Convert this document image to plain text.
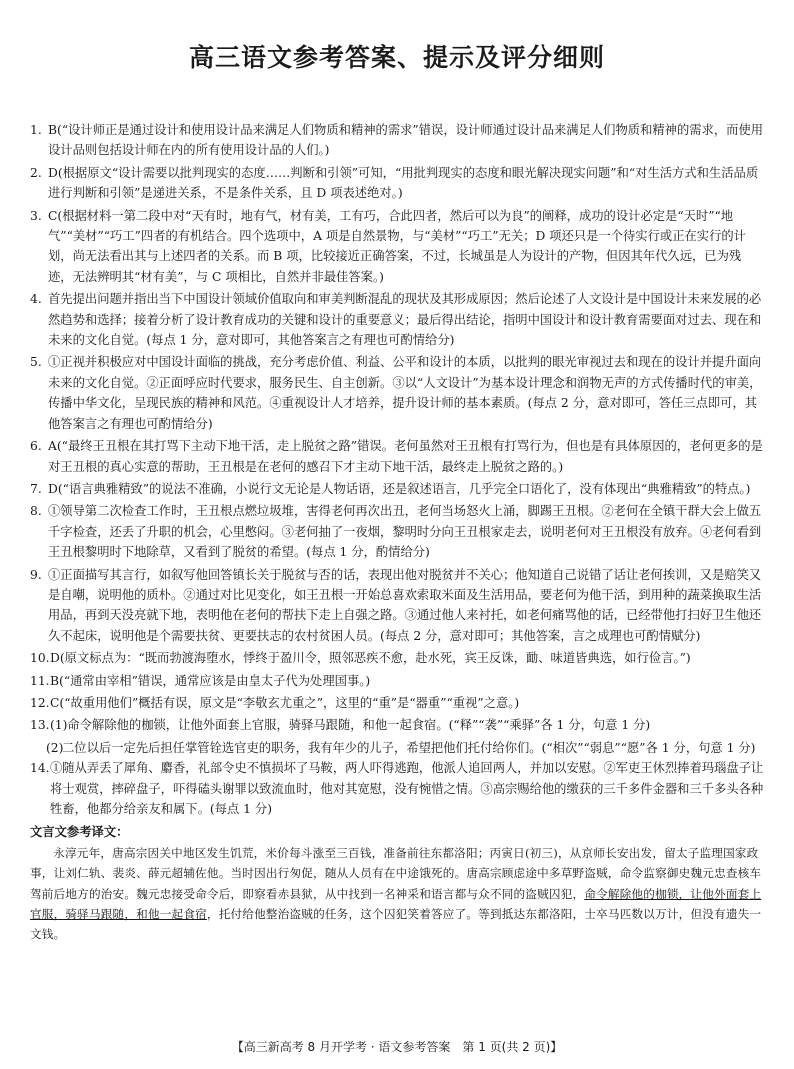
高三语文参考答案、提示及评分细则
1. B(“设计师正是通过设计和使用设计品来满足人们物质和精神的需求”错误，设计师通过设计品来满足人们物质和精神的需求，而使用设计品则包括设计师在内的所有使用设计品的人们。)
2. D(根据原文“设计需要以批判现实的态度……判断和引领”可知，“用批判现实的态度和眼光解决现实问题”和“对生活方式和生活品质进行判断和引领”是递进关系，不是条件关系，且 D 项表述绝对。)
3. C(根据材料一第二段中对“天有时，地有气，材有美，工有巧，合此四者，然后可以为良”的阐释，成功的设计必定是“天时”“地气”“美材”“巧工”四者的有机结合。四个选项中，A 项是自然景物，与“美材”“巧工”无关；D 项还只是一个待实行或正在实行的计划，尚无法看出其与上述四者的关系。而 B 项，比较接近正确答案，不过，长城虽是人为设计的产物，但因其年代久远，已为残迹，无法辨明其“材有美”，与 C 项相比，自然并非最佳答案。)
4. 首先提出问题并指出当下中国设计领域价值取向和审美判断混乱的现状及其形成原因；然后论述了人文设计是中国设计未来发展的必然趋势和选择；接着分析了设计教育成功的关键和设计的重要意义；最后得出结论，指明中国设计和设计教育需要面对过去、现在和未来的文化自觉。(每点 1 分，意对即可，其他答案言之有理也可酌情给分)
5. ①正视并积极应对中国设计面临的挑战，充分考虑价值、利益、公平和设计的本质，以批判的眼光审视过去和现在的设计并提升面向未来的文化自觉。②正面呼应时代要求，服务民生、自主创新。③以“人文设计”为基本设计理念和润物无声的方式传播时代的审美，传播中华文化，呈现民族的精神和风范。④重视设计人才培养，提升设计师的基本素质。(每点 2 分，意对即可，答任三点即可，其他答案言之有理也可酌情给分)
6. A(“最终王丑根在其打骂下主动下地干活，走上脱贫之路”错误。老何虽然对王丑根有打骂行为，但也是有具体原因的，老何更多的是对王丑根的真心实意的帮助，王丑根是在老何的感召下才主动下地干活，最终走上脱贫之路的。)
7. D(“语言典雅精致”的说法不准确，小说行文无论是人物话语，还是叙述语言，几乎完全口语化了，没有体现出“典雅精致”的特点。)
8. ①领导第二次检查工作时，王丑根点燃垃圾堆，害得老何再次出丑，老何当场怒火上涌，脚踢王丑根。②老何在全镇干群大会上做五千字检查，还丢了升职的机会，心里憋闷。③老何抽了一夜烟，黎明时分向王丑根家走去，说明老何对王丑根没有放弃。④老何看到王丑根黎明时下地除草，又看到了脱贫的希望。(每点 1 分，酌情给分)
9. ①正面描写其言行，如叙写他回答镇长关于脱贫与否的话，表现出他对脱贫并不关心；他知道自己说错了话让老何挨训，又是赔笑又是自嘲，说明他的质朴。②通过对比见变化，如王丑根一开始总喜欢索取米面及生活用品，要老何为他干活，到用种的蔬菜换取生活用品，再到天没亮就下地，表明他在老何的帮扶下走上自强之路。③通过他人来衬托，如老何痛骂他的话，已经带他打扫好卫生他还久不起床，说明他是个需要扶贫、更要扶志的农村贫困人员。(每点 2 分，意对即可；其他答案，言之成理也可酌情赋分)
10. D(原文标点为：“既而勃渡海堕水，悸终于盈川令，照邻恶疾不愈，赴水死，宾王反诛，勔、味道皆典选，如行俭言。”)
11. B(“通常由宰相”错误，通常应该是由皇太子代为处理国事。)
12. C(“故重用他们”概括有误，原文是“李敬玄尤重之”，这里的“重”是“器重”“重视”之意。)
13. (1)命令解除他的枷锁，让他外面套上官服，骑驿马跟随，和他一起食宿。(“释”“袭”“乘驿”各 1 分，句意 1 分)
(2)
二位以后一定先后担任掌管铨选官吏的职务，我有年少的儿子，希望把他们托付给你们。(“相次”“弱息”“愿”各 1 分，句意 1 分)
14. ①随从弄丢了犀角、麝香，礼部令史不慎损坏了马鞍，两人吓得逃跑，他派人追回两人，并加以安慰。②军吏王休烈捧着玛瑙盘子让将士观赏，摔碎盘子，吓得磕头谢罪以致流血时，他对其宽慰，没有惋惜之情。③高宗赐给他的缴获的三千多件金器和三千多头各种牲畜，他都分给亲友和属下。(每点 1 分)
文言文参考译文：
永淳元年，唐高宗因关中地区发生饥荒，米价每斗涨至三百钱，准备前往东都洛阳；丙寅日(初三)，从京师长安出发，留太子监理国家政事，让刘仁轨、裴炎、薛元超辅佐他。当时因出行匆促，随从人员有在中途饿死的。唐高宗顾虑途中多草野盗贼，命令监察御史魏元忠查核车驾前后地方的治安。魏元忠接受命令后，即察看赤县狱，从中找到一名神采和语言都与众不同的盗贼囚犯，命令解除他的枷锁，让他外面套上官服，骑驿马跟随，和他一起食宿，托付给他整治盗贼的任务，这个囚犯笑着答应了。等到抵达东都洛阳，士卒马匹数以万计，但没有遗失一文钱。
【高三新高考 8 月开学考 · 语文参考答案　第 1 页(共 2 页)】
